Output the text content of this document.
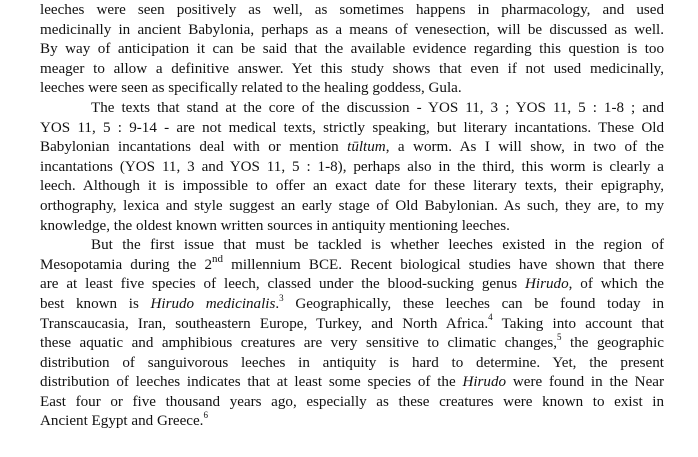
leeches were seen positively as well, as sometimes happens in pharmacology, and used
medicinally in ancient Babylonia, perhaps as a means of venesection, will be discussed as well.
By way of anticipation it can be said that the available evidence regarding this question is too
meager to allow a definitive answer. Yet this study shows that even if not used medicinally,
leeches were seen as specifically related to the healing goddess, Gula.
The texts that stand at the core of the discussion - YOS 11, 3 ; YOS 11, 5 : 1-8 ; and
YOS 11, 5 : 9-14 - are not medical texts, strictly speaking, but literary incantations. These Old
Babylonian incantations deal with or mention tūltum, a worm. As I will show, in two of the
incantations (YOS 11, 3 and YOS 11, 5 : 1-8), perhaps also in the third, this worm is clearly a
leech. Although it is impossible to offer an exact date for these literary texts, their epigraphy,
orthography, lexica and style suggest an early stage of Old Babylonian. As such, they are, to my
knowledge, the oldest known written sources in antiquity mentioning leeches.
But the first issue that must be tackled is whether leeches existed in the region of
Mesopotamia during the 2nd millennium BCE. Recent biological studies have shown that there
are at least five species of leech, classed under the blood-sucking genus Hirudo, of which the
best known is Hirudo medicinalis.$^3$ Geographically, these leeches can be found today in
Transcaucasia, Iran, southeastern Europe, Turkey, and North Africa.$^4$ Taking into account that
these aquatic and amphibious creatures are very sensitive to climatic changes,$^5$ the geographic
distribution of sanguivorous leeches in antiquity is hard to determine. Yet, the present
distribution of leeches indicates that at least some species of the Hirudo were found in the Near
East four or five thousand years ago, especially as these creatures were known to exist in
Ancient Egypt and Greece.$^6$
